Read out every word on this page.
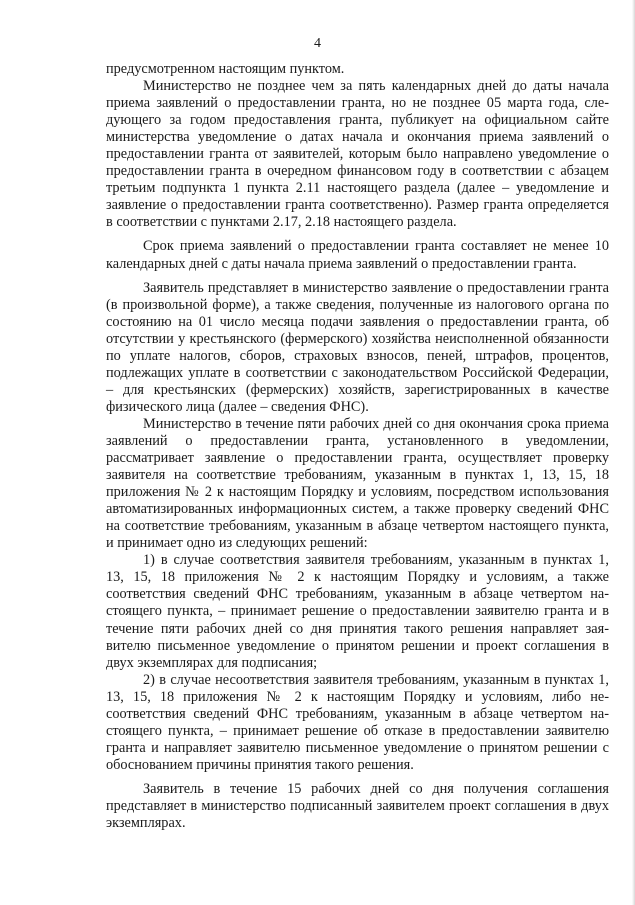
4

предусмотренном настоящим пунктом.

Министерство не позднее чем за пять календарных дней до даты начала приема заявлений о предоставлении гранта, но не позднее 05 марта года, следующего за годом предоставления гранта, публикует на официальном сайте министерства уведомление о датах начала и окончания приема заявлений о предоставлении гранта от заявителей, которым было направлено уведомление о предоставлении гранта в очередном финансовом году в соответствии с абзацем третьим подпункта 1 пункта 2.11 настоящего раздела (далее – уведомление и заявление о предоставлении гранта соответственно). Размер гранта определяется в соответствии с пунктами 2.17, 2.18 настоящего раздела.

Срок приема заявлений о предоставлении гранта составляет не менее 10 календарных дней с даты начала приема заявлений о предоставлении гранта.

Заявитель представляет в министерство заявление о предоставлении гранта (в произвольной форме), а также сведения, полученные из налогового органа по состоянию на 01 число месяца подачи заявления о предоставлении гранта, об отсутствии у крестьянского (фермерского) хозяйства неисполненной обязанности по уплате налогов, сборов, страховых взносов, пеней, штрафов, процентов, подлежащих уплате в соответствии с законодательством Российской Федерации, – для крестьянских (фермерских) хозяйств, зарегистрированных в качестве физического лица (далее – сведения ФНС).

Министерство в течение пяти рабочих дней со дня окончания срока приема заявлений о предоставлении гранта, установленного в уведомлении, рассматривает заявление о предоставлении гранта, осуществляет проверку заявителя на соответствие требованиям, указанным в пунктах 1, 13, 15, 18 приложения № 2 к настоящим Порядку и условиям, посредством использования автоматизированных информационных систем, а также проверку сведений ФНС на соответствие требованиям, указанным в абзаце четвертом настоящего пункта, и принимает одно из следующих решений:

1) в случае соответствия заявителя требованиям, указанным в пунктах 1, 13, 15, 18 приложения № 2 к настоящим Порядку и условиям, а также соответствия сведений ФНС требованиям, указанным в абзаце четвертом настоящего пункта, – принимает решение о предоставлении заявителю гранта и в течение пяти рабочих дней со дня принятия такого решения направляет заявителю письменное уведомление о принятом решении и проект соглашения в двух экземплярах для подписания;

2) в случае несоответствия заявителя требованиям, указанным в пунктах 1, 13, 15, 18 приложения № 2 к настоящим Порядку и условиям, либо несоответствия сведений ФНС требованиям, указанным в абзаце четвертом настоящего пункта, – принимает решение об отказе в предоставлении заявителю гранта и направляет заявителю письменное уведомление о принятом решении с обоснованием причины принятия такого решения.

Заявитель в течение 15 рабочих дней со дня получения соглашения представляет в министерство подписанный заявителем проект соглашения в двух экземплярах.
